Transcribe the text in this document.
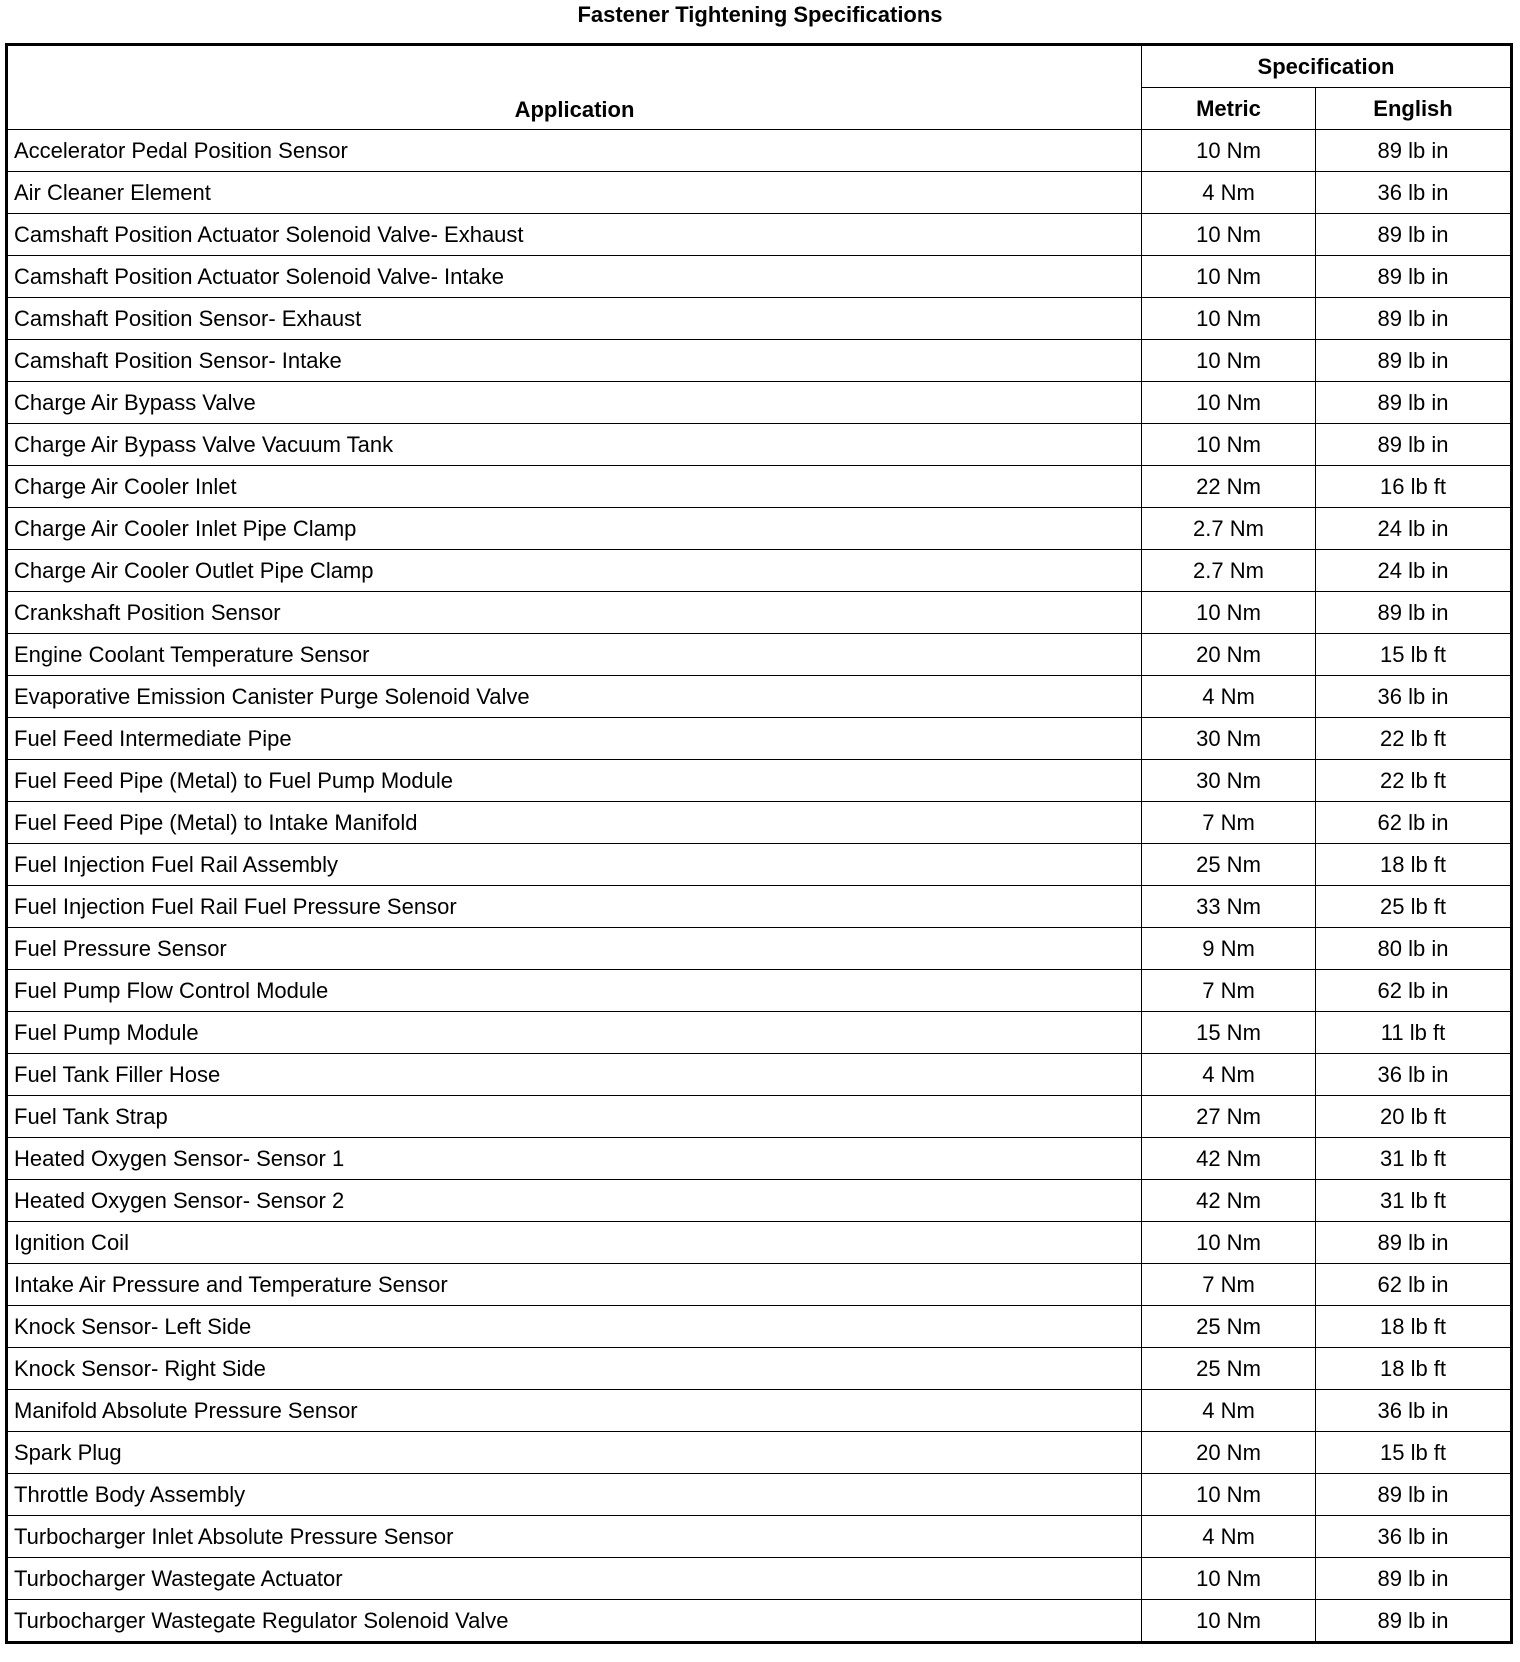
Fastener Tightening Specifications
Application	Specification	
	Metric	English
Accelerator Pedal Position Sensor	10 Nm	89 lb in
Air Cleaner Element	4 Nm	36 lb in
Camshaft Position Actuator Solenoid Valve- Exhaust	10 Nm	89 lb in
Camshaft Position Actuator Solenoid Valve- Intake	10 Nm	89 lb in
Camshaft Position Sensor- Exhaust	10 Nm	89 lb in
Camshaft Position Sensor- Intake	10 Nm	89 lb in
Charge Air Bypass Valve	10 Nm	89 lb in
Charge Air Bypass Valve Vacuum Tank	10 Nm	89 lb in
Charge Air Cooler Inlet	22 Nm	16 lb ft
Charge Air Cooler Inlet Pipe Clamp	2.7 Nm	24 lb in
Charge Air Cooler Outlet Pipe Clamp	2.7 Nm	24 lb in
Crankshaft Position Sensor	10 Nm	89 lb in
Engine Coolant Temperature Sensor	20 Nm	15 lb ft
Evaporative Emission Canister Purge Solenoid Valve	4 Nm	36 lb in
Fuel Feed Intermediate Pipe	30 Nm	22 lb ft
Fuel Feed Pipe (Metal) to Fuel Pump Module	30 Nm	22 lb ft
Fuel Feed Pipe (Metal) to Intake Manifold	7 Nm	62 lb in
Fuel Injection Fuel Rail Assembly	25 Nm	18 lb ft
Fuel Injection Fuel Rail Fuel Pressure Sensor	33 Nm	25 lb ft
Fuel Pressure Sensor	9 Nm	80 lb in
Fuel Pump Flow Control Module	7 Nm	62 lb in
Fuel Pump Module	15 Nm	11 lb ft
Fuel Tank Filler Hose	4 Nm	36 lb in
Fuel Tank Strap	27 Nm	20 lb ft
Heated Oxygen Sensor- Sensor 1	42 Nm	31 lb ft
Heated Oxygen Sensor- Sensor 2	42 Nm	31 lb ft
Ignition Coil	10 Nm	89 lb in
Intake Air Pressure and Temperature Sensor	7 Nm	62 lb in
Knock Sensor- Left Side	25 Nm	18 lb ft
Knock Sensor- Right Side	25 Nm	18 lb ft
Manifold Absolute Pressure Sensor	4 Nm	36 lb in
Spark Plug	20 Nm	15 lb ft
Throttle Body Assembly	10 Nm	89 lb in
Turbocharger Inlet Absolute Pressure Sensor	4 Nm	36 lb in
Turbocharger Wastegate Actuator	10 Nm	89 lb in
Turbocharger Wastegate Regulator Solenoid Valve	10 Nm	89 lb in
